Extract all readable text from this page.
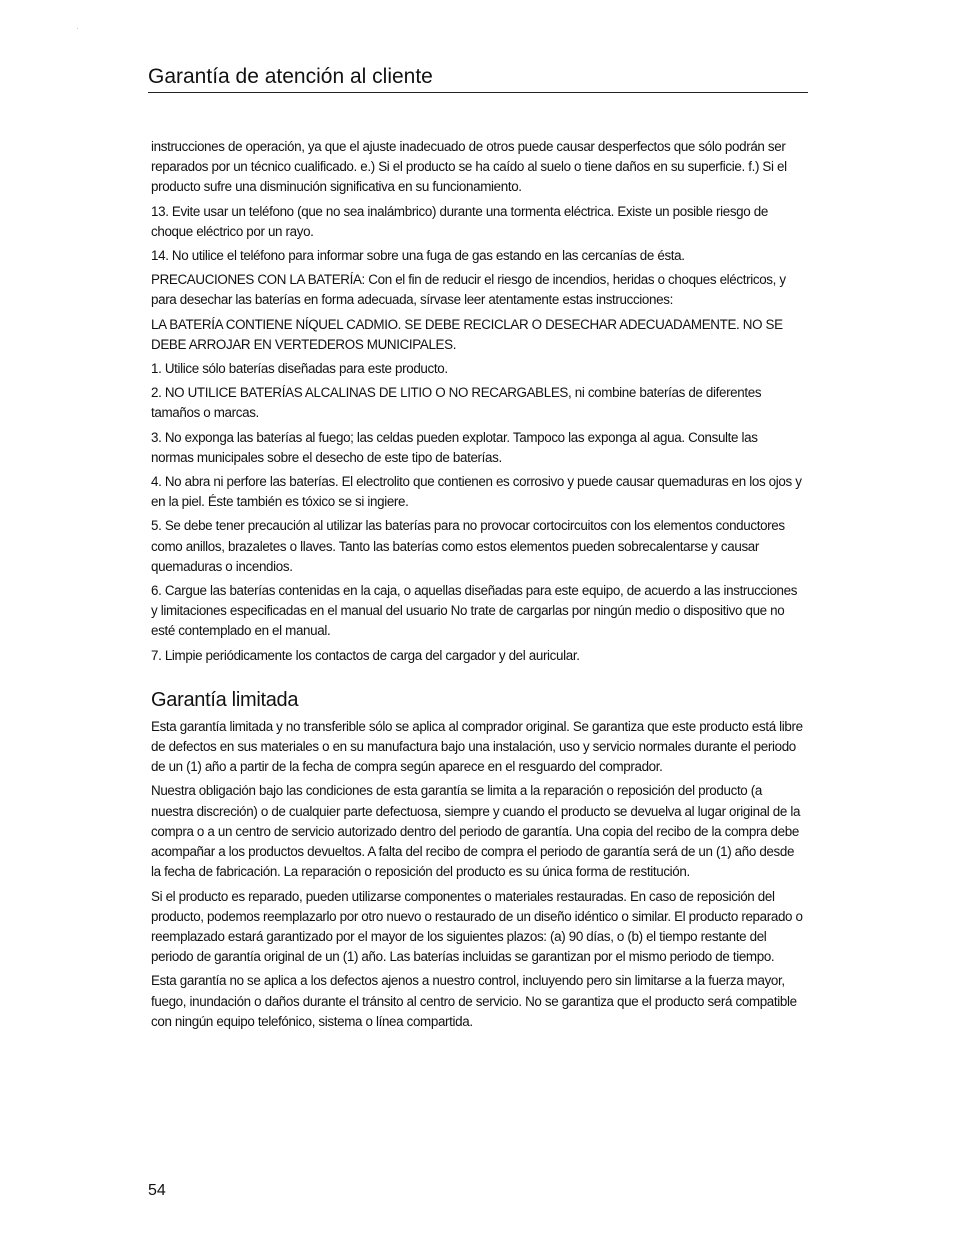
Garantía de atención al cliente

instrucciones de operación, ya que el ajuste inadecuado de otros puede causar desperfectos que sólo podrán ser reparados por un técnico cualificado. e.) Si el producto se ha caído al suelo o tiene daños en su superficie. f.) Si el producto sufre una disminución significativa en su funcionamiento.

13. Evite usar un teléfono (que no sea inalámbrico) durante una tormenta eléctrica. Existe un posible riesgo de choque eléctrico por un rayo.

14. No utilice el teléfono para informar sobre una fuga de gas estando en las cercanías de ésta.

PRECAUCIONES CON LA BATERÍA: Con el fin de reducir el riesgo de incendios, heridas o choques eléctricos, y para desechar las baterías en forma adecuada, sírvase leer atentamente estas instrucciones:

LA BATERÍA CONTIENE NÍQUEL CADMIO. SE DEBE RECICLAR O DESECHAR ADECUADAMENTE. NO SE DEBE ARROJAR EN VERTEDEROS MUNICIPALES.

1. Utilice sólo baterías diseñadas para este producto.

2. NO UTILICE BATERÍAS ALCALINAS DE LITIO O NO RECARGABLES, ni combine baterías de diferentes tamaños o marcas.

3. No exponga las baterías al fuego; las celdas pueden explotar. Tampoco las exponga al agua. Consulte las normas municipales sobre el desecho de este tipo de baterías.

4. No abra ni perfore las baterías. El electrolito que contienen es corrosivo y puede causar quemaduras en los ojos y en la piel. Éste también es tóxico se si ingiere.

5. Se debe tener precaución al utilizar las baterías para no provocar cortocircuitos con los elementos conductores como anillos, brazaletes o llaves. Tanto las baterías como estos elementos pueden sobrecalentarse y causar quemaduras o incendios.

6. Cargue las baterías contenidas en la caja, o aquellas diseñadas para este equipo, de acuerdo a las instrucciones y limitaciones especificadas en el manual del usuario No trate de cargarlas por ningún medio o dispositivo que no esté contemplado en el manual.

7. Limpie periódicamente los contactos de carga del cargador y del auricular.

Garantía limitada

Esta garantía limitada y no transferible sólo se aplica al comprador original. Se garantiza que este producto está libre de defectos en sus materiales o en su manufactura bajo una instalación, uso y servicio normales durante el periodo de un (1) año a partir de la fecha de compra según aparece en el resguardo del comprador.

Nuestra obligación bajo las condiciones de esta garantía se limita a la reparación o reposición del producto (a nuestra discreción) o de cualquier parte defectuosa, siempre y cuando el producto se devuelva al lugar original de la compra o a un centro de servicio autorizado dentro del periodo de garantía. Una copia del recibo de la compra debe acompañar a los productos devueltos. A falta del recibo de compra el periodo de garantía será de un (1) año desde la fecha de fabricación. La reparación o reposición del producto es su única forma de restitución.

Si el producto es reparado, pueden utilizarse componentes o materiales restauradas. En caso de reposición del producto, podemos reemplazarlo por otro nuevo o restaurado de un diseño idéntico o similar. El producto reparado o reemplazado estará garantizado por el mayor de los siguientes plazos: (a) 90 días, o (b) el tiempo restante del periodo de garantía original de un (1) año. Las baterías incluidas se garantizan por el mismo periodo de tiempo.

Esta garantía no se aplica a los defectos ajenos a nuestro control, incluyendo pero sin limitarse a la fuerza mayor, fuego, inundación o daños durante el tránsito al centro de servicio. No se garantiza que el producto será compatible con ningún equipo telefónico, sistema o línea compartida.

54
